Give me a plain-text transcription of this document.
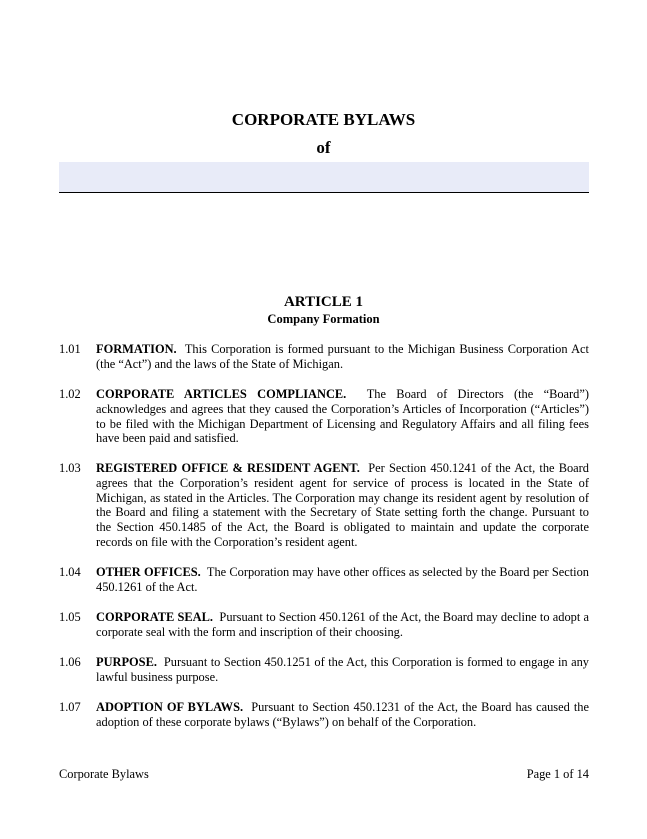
CORPORATE BYLAWS
of
ARTICLE 1
Company Formation
1.01	FORMATION. This Corporation is formed pursuant to the Michigan Business Corporation Act (the “Act”) and the laws of the State of Michigan.
1.02	CORPORATE ARTICLES COMPLIANCE. The Board of Directors (the “Board”) acknowledges and agrees that they caused the Corporation’s Articles of Incorporation (“Articles”) to be filed with the Michigan Department of Licensing and Regulatory Affairs and all filing fees have been paid and satisfied.
1.03	REGISTERED OFFICE & RESIDENT AGENT. Per Section 450.1241 of the Act, the Board agrees that the Corporation’s resident agent for service of process is located in the State of Michigan, as stated in the Articles. The Corporation may change its resident agent by resolution of the Board and filing a statement with the Secretary of State setting forth the change. Pursuant to the Section 450.1485 of the Act, the Board is obligated to maintain and update the corporate records on file with the Corporation’s resident agent.
1.04	OTHER OFFICES. The Corporation may have other offices as selected by the Board per Section 450.1261 of the Act.
1.05	CORPORATE SEAL. Pursuant to Section 450.1261 of the Act, the Board may decline to adopt a corporate seal with the form and inscription of their choosing.
1.06	PURPOSE. Pursuant to Section 450.1251 of the Act, this Corporation is formed to engage in any lawful business purpose.
1.07	ADOPTION OF BYLAWS. Pursuant to Section 450.1231 of the Act, the Board has caused the adoption of these corporate bylaws (“Bylaws”) on behalf of the Corporation.
Corporate Bylaws	Page 1 of 14
